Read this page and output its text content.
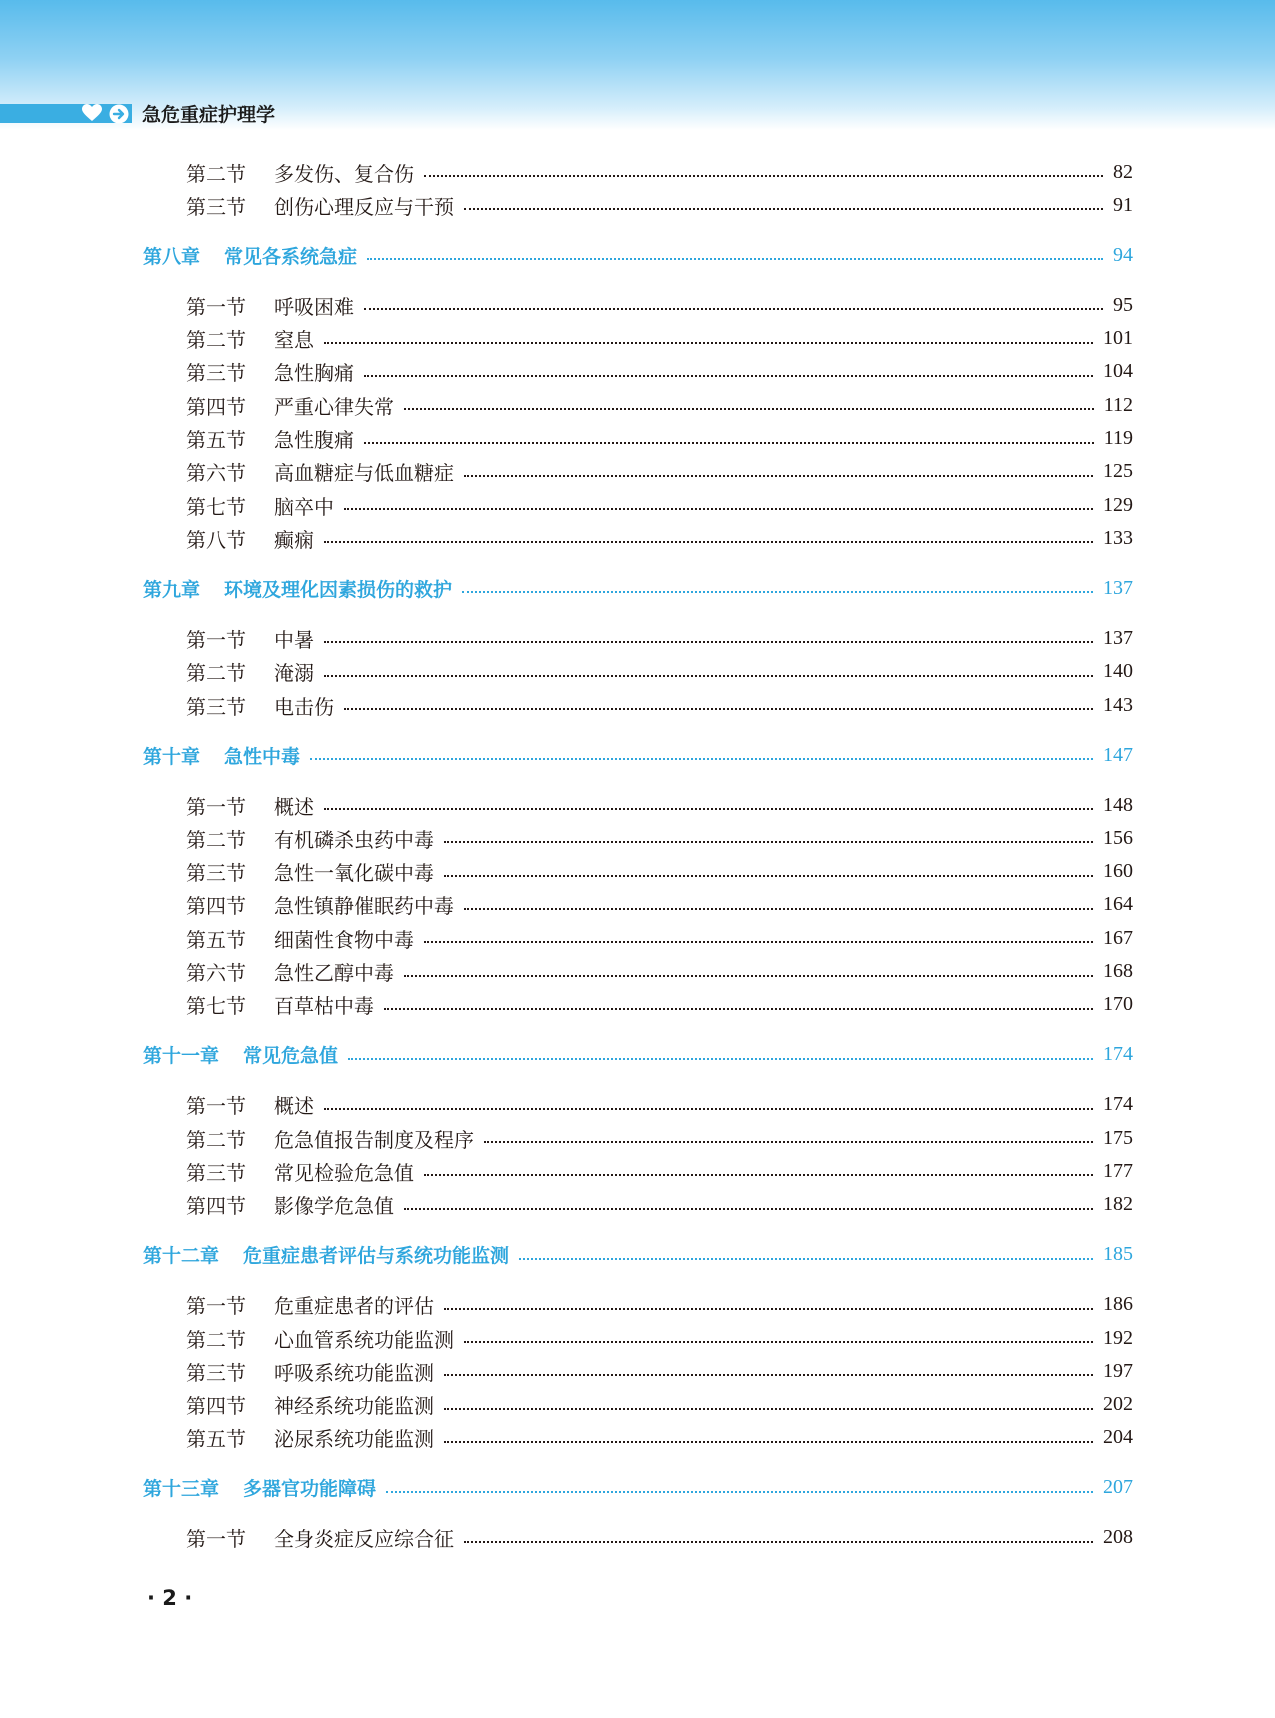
急危重症护理学
第二节	多发伤、复合伤	82
第三节	创伤心理反应与干预	91
第八章 常见各系统急症	94
第一节	呼吸困难	95
第二节	窒息	101
第三节	急性胸痛	104
第四节	严重心律失常	112
第五节	急性腹痛	119
第六节	高血糖症与低血糖症	125
第七节	脑卒中	129
第八节	癫痫	133
第九章 环境及理化因素损伤的救护	137
第一节	中暑	137
第二节	淹溺	140
第三节	电击伤	143
第十章 急性中毒	147
第一节	概述	148
第二节	有机磷杀虫药中毒	156
第三节	急性一氧化碳中毒	160
第四节	急性镇静催眠药中毒	164
第五节	细菌性食物中毒	167
第六节	急性乙醇中毒	168
第七节	百草枯中毒	170
第十一章 常见危急值	174
第一节	概述	174
第二节	危急值报告制度及程序	175
第三节	常见检验危急值	177
第四节	影像学危急值	182
第十二章 危重症患者评估与系统功能监测	185
第一节	危重症患者的评估	186
第二节	心血管系统功能监测	192
第三节	呼吸系统功能监测	197
第四节	神经系统功能监测	202
第五节	泌尿系统功能监测	204
第十三章 多器官功能障碍	207
第一节	全身炎症反应综合征	208
· 2 ·
